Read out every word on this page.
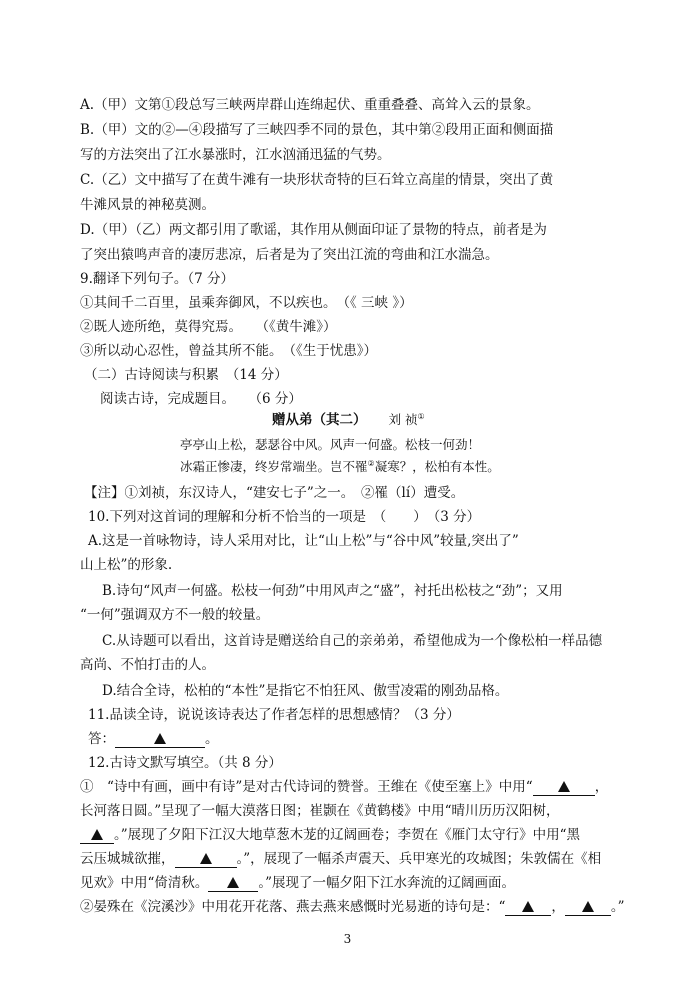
A.（甲）文第①段总写三峡两岸群山连绵起伏、重重叠叠、高耸入云的景象。
B.（甲）文的②—④段描写了三峡四季不同的景色，其中第②段用正面和侧面描
写的方法突出了江水暴涨时，江水汹涌迅猛的气势。
C.（乙）文中描写了在黄牛滩有一块形状奇特的巨石耸立高崖的情景，突出了黄
牛滩风景的神秘莫测。
D.（甲）（乙）两文都引用了歌谣，其作用从侧面印证了景物的特点，前者是为
了突出猿鸣声音的凄厉悲凉，后者是为了突出江流的弯曲和江水湍急。
9.翻译下列句子。（7 分）
①其间千二百里，虽乘奔御风，不以疾也。　（《 三峡 》）
②既人迹所绝，莫得究焉。　　（《黄牛滩》）
③所以动心忍性，曾益其所不能。　（《生于忧患》）
（二）古诗阅读与积累　（14 分）
阅读古诗，完成题目。　　（6 分）
赠从弟（其二） 刘 祯①
亭亭山上松，瑟瑟谷中风。风声一何盛。松枝一何劲！
冰霜正惨凄，终岁常端坐。岂不罹②凝寒？，松柏有本性。
【注】①刘祯，东汉诗人，“建安七子”之一。　②罹（lí）遭受。
10.下列对这首词的理解和分析不恰当的一项是　（　　）　（3 分）
A.这是一首咏物诗，诗人采用对比，让“山上松”与“谷中风”较量,突出了”
山上松”的形象.
B.诗句“风声一何盛。松枝一何劲”中用风声之“盛”，衬托出松枝之“劲”；又用
“一何”强调双方不一般的较量。
C.从诗题可以看出，这首诗是赠送给自己的亲弟弟，希望他成为一个像松柏一样品德
高尚、不怕打击的人。
D.结合全诗，松柏的“本性”是指它不怕狂风、傲雪凌霜的刚劲品格。
11.品读全诗，说说该诗表达了作者怎样的思想感情？（3 分）
答：	。
12.古诗文默写填空。（共 8 分）
①　“诗中有画，画中有诗”是对古代诗词的赞誉。王维在《使至塞上》中用“	，
长河落日圆。”呈现了一幅大漠落日图；崔颢在《黄鹤楼》中用“晴川历历汉阳树，
。”展现了夕阳下江汉大地草葱木茏的辽阔画卷；李贺在《雁门太守行》中用“黑
云压城城欲摧，	。”，展现了一幅杀声震天、兵甲寒光的攻城图；朱敦儒在《相
见欢》中用“倚清秋。	。”展现了一幅夕阳下江水奔流的辽阔画面。
②晏殊在《浣溪沙》中用花开花落、燕去燕来感慨时光易逝的诗句是：“	，	。”
3
